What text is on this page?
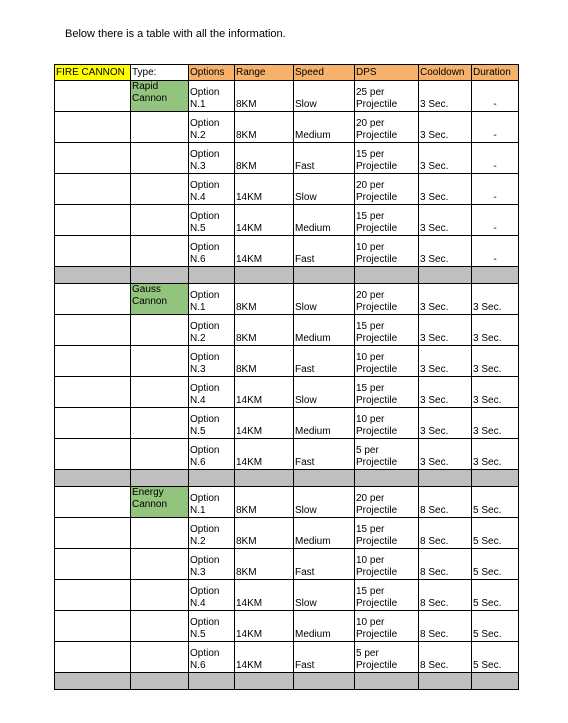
Below there is a table with all the information.
FIRE CANNON	Type:	Options	Range	Speed	DPS	Cooldown	Duration
	Rapid Cannon	Option N.1	8KM	Slow	25 per Projectile	3 Sec.	-
		Option N.2	8KM	Medium	20 per Projectile	3 Sec.	-
		Option N.3	8KM	Fast	15 per Projectile	3 Sec.	-
		Option N.4	14KM	Slow	20 per Projectile	3 Sec.	-
		Option N.5	14KM	Medium	15 per Projectile	3 Sec.	-
		Option N.6	14KM	Fast	10 per Projectile	3 Sec.	-

	Gauss Cannon	Option N.1	8KM	Slow	20 per Projectile	3 Sec.	3 Sec.
		Option N.2	8KM	Medium	15 per Projectile	3 Sec.	3 Sec.
		Option N.3	8KM	Fast	10 per Projectile	3 Sec.	3 Sec.
		Option N.4	14KM	Slow	15 per Projectile	3 Sec.	3 Sec.
		Option N.5	14KM	Medium	10 per Projectile	3 Sec.	3 Sec.
		Option N.6	14KM	Fast	5 per Projectile	3 Sec.	3 Sec.

	Energy Cannon	Option N.1	8KM	Slow	20 per Projectile	8 Sec.	5 Sec.
		Option N.2	8KM	Medium	15 per Projectile	8 Sec.	5 Sec.
		Option N.3	8KM	Fast	10 per Projectile	8 Sec.	5 Sec.
		Option N.4	14KM	Slow	15 per Projectile	8 Sec.	5 Sec.
		Option N.5	14KM	Medium	10 per Projectile	8 Sec.	5 Sec.
		Option N.6	14KM	Fast	5 per Projectile	8 Sec.	5 Sec.
